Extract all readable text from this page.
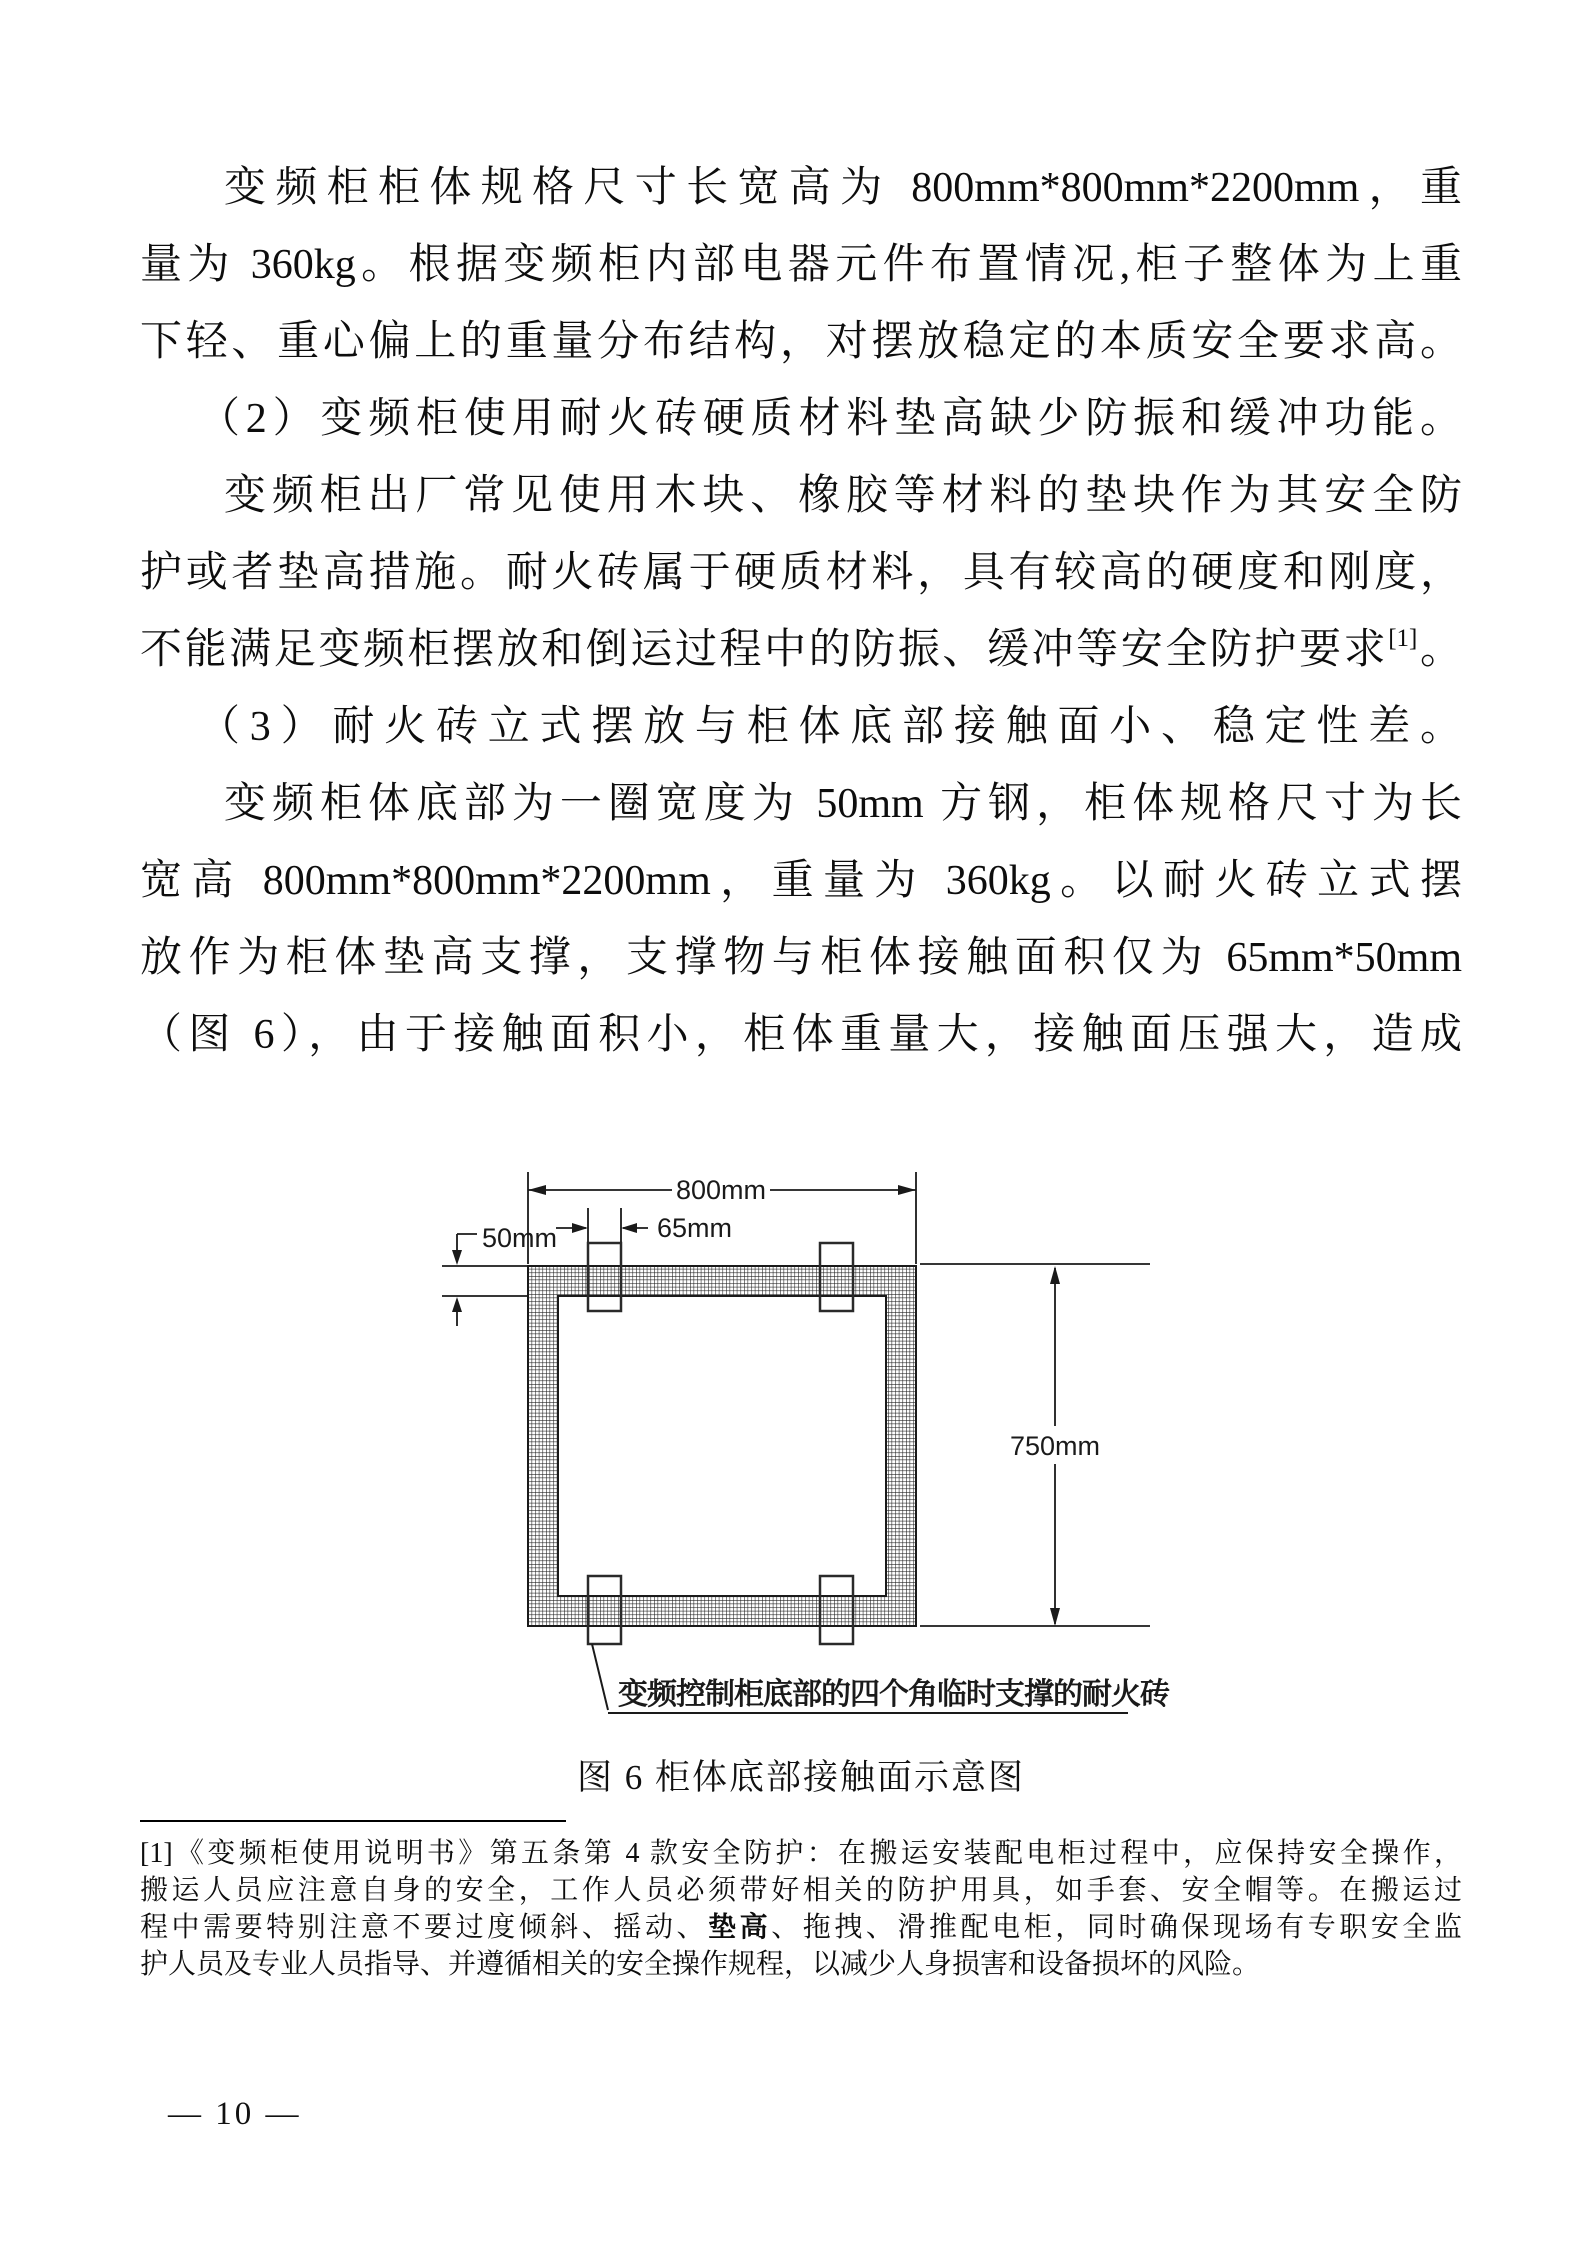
变频柜柜体规格尺寸长宽高为 800mm*800mm*2200mm，重
量为 360kg。根据变频柜内部电器元件布置情况,柜子整体为上重
下轻、重心偏上的重量分布结构，对摆放稳定的本质安全要求高。
（2）变频柜使用耐火砖硬质材料垫高缺少防振和缓冲功能。
变频柜出厂常见使用木块、橡胶等材料的垫块作为其安全防
护或者垫高措施。耐火砖属于硬质材料，具有较高的硬度和刚度，
不能满足变频柜摆放和倒运过程中的防振、缓冲等安全防护要求[1]。
（3）耐火砖立式摆放与柜体底部接触面小、稳定性差。
变频柜体底部为一圈宽度为 50mm 方钢，柜体规格尺寸为长
宽高 800mm*800mm*2200mm，重量为 360kg。以耐火砖立式摆
放作为柜体垫高支撑，支撑物与柜体接触面积仅为 65mm*50mm
（图 6），由于接触面积小，柜体重量大，接触面压强大，造成
800mm
65mm
50mm
750mm
变频控制柜底部的四个角临时支撑的耐火砖
图 6 柜体底部接触面示意图
[1]《变频柜使用说明书》第五条第 4 款安全防护：在搬运安装配电柜过程中，应保持安全操作，
搬运人员应注意自身的安全，工作人员必须带好相关的防护用具，如手套、安全帽等。在搬运过
程中需要特别注意不要过度倾斜、摇动、垫高、拖拽、滑推配电柜，同时确保现场有专职安全监
护人员及专业人员指导、并遵循相关的安全操作规程，以减少人身损害和设备损坏的风险。
— 10 —
